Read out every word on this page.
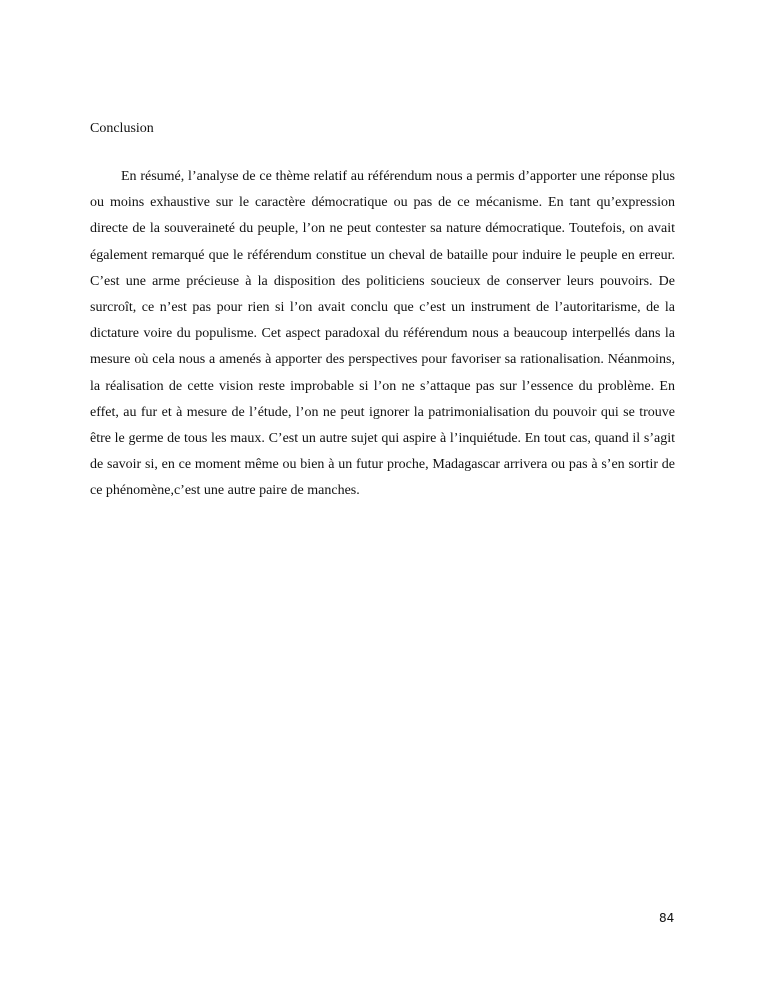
Conclusion

En résumé, l’analyse de ce thème relatif au référendum nous a permis d’apporter une réponse plus ou moins exhaustive sur le caractère démocratique ou pas de ce mécanisme. En tant qu’expression directe de la souveraineté du peuple, l’on ne peut contester sa nature démocratique. Toutefois, on avait également remarqué que le référendum constitue un cheval de bataille pour induire le peuple en erreur. C’est une arme précieuse à la disposition des politiciens soucieux de conserver leurs pouvoirs. De surcroît, ce n’est pas pour rien si l’on avait conclu que c’est un instrument de l’autoritarisme, de la dictature voire du populisme. Cet aspect paradoxal du référendum nous a beaucoup interpellés dans la mesure où cela nous a amenés à apporter des perspectives pour favoriser sa rationalisation. Néanmoins, la réalisation de cette vision reste improbable si l’on ne s’attaque pas sur l’essence du problème. En effet, au fur et à mesure de l’étude, l’on ne peut ignorer la patrimonialisation du pouvoir qui se trouve être le germe de tous les maux. C’est un autre sujet qui aspire à l’inquiétude. En tout cas, quand il s’agit de savoir si, en ce moment même ou bien à un futur proche, Madagascar arrivera ou pas à s’en sortir de ce phénomène,c’est une autre paire de manches.

84
